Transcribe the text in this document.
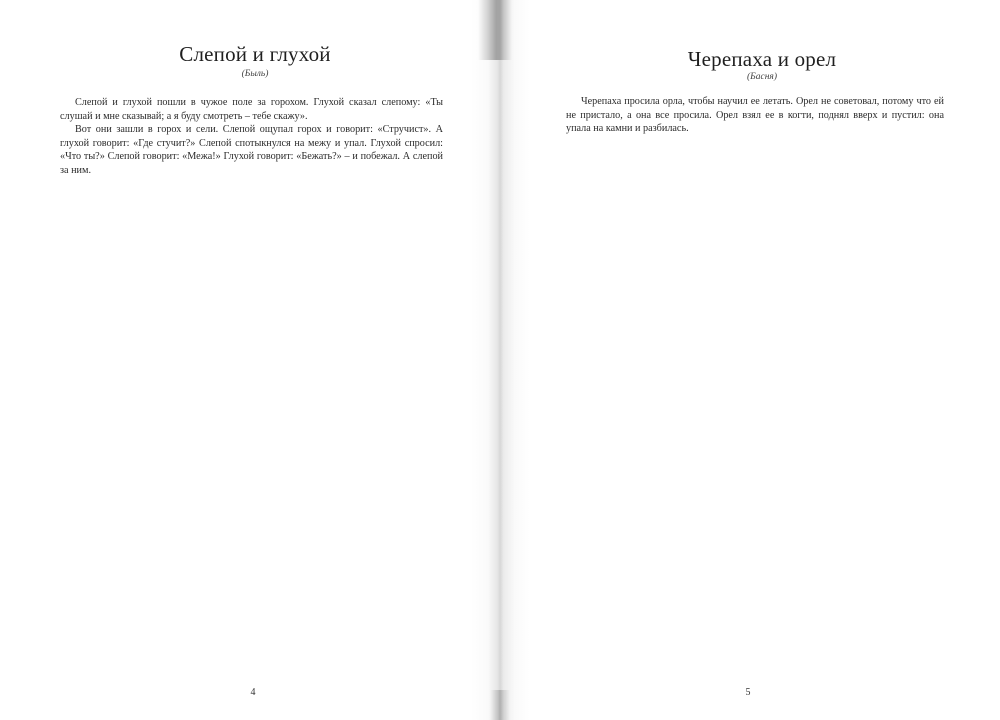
Слепой и глухой
(Быль)

Слепой и глухой пошли в чужое поле за горохом. Глухой сказал слепому: «Ты слушай и мне сказывай; а я буду смотреть – тебе скажу».

Вот они зашли в горох и сели. Слепой ощупал горох и говорит: «Стручист». А глухой говорит: «Где стучит?» Слепой спотыкнулся на межу и упал. Глухой спросил: «Что ты?» Слепой говорит: «Межа!» Глухой говорит: «Бежать?» – и побежал. А слепой за ним.

4
Черепаха и орел
(Басня)

Черепаха просила орла, чтобы научил ее летать. Орел не советовал, потому что ей не пристало, а она все просила. Орел взял ее в когти, поднял вверх и пустил: она упала на камни и разбилась.

5
